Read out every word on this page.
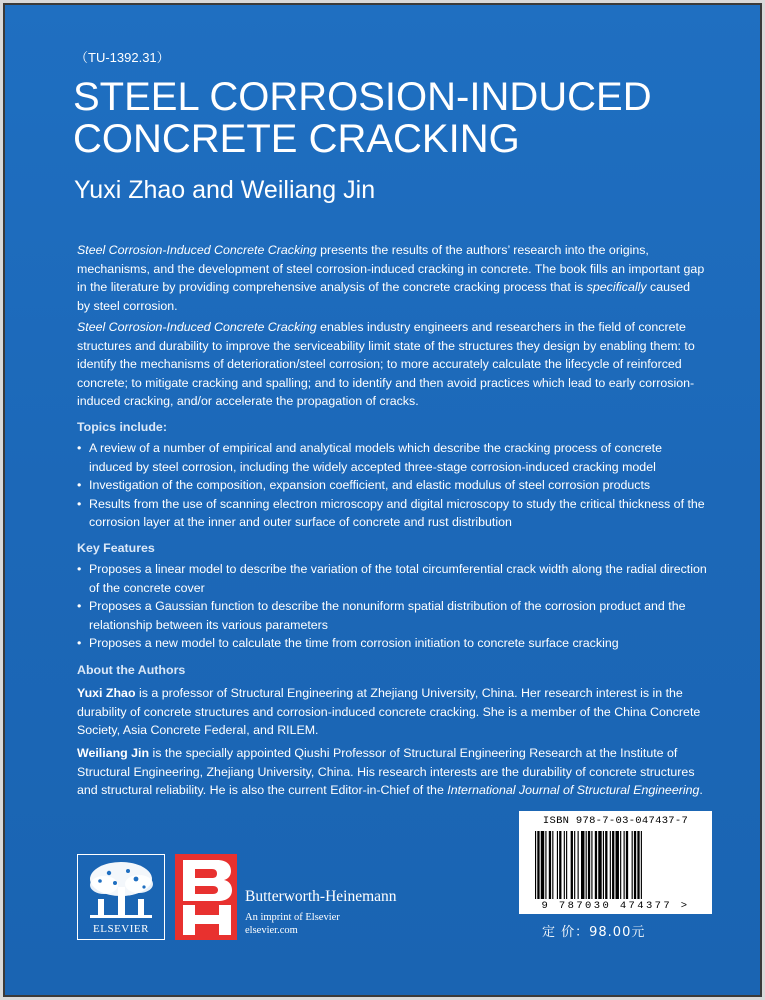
（TU-1392.31）
STEEL CORROSION-INDUCED
CONCRETE CRACKING
Yuxi Zhao and Weiliang Jin

Steel Corrosion-Induced Concrete Cracking presents the results of the authors’ research into the origins, mechanisms, and the development of steel corrosion-induced cracking in concrete. The book fills an important gap in the literature by providing comprehensive analysis of the concrete cracking process that is specifically caused by steel corrosion.

Steel Corrosion-Induced Concrete Cracking enables industry engineers and researchers in the field of concrete structures and durability to improve the serviceability limit state of the structures they design by enabling them: to identify the mechanisms of deterioration/steel corrosion; to more accurately calculate the lifecycle of reinforced concrete; to mitigate cracking and spalling; and to identify and then avoid practices which lead to early corrosion-induced cracking, and/or accelerate the propagation of cracks.

Topics include:
• A review of a number of empirical and analytical models which describe the cracking process of concrete induced by steel corrosion, including the widely accepted three-stage corrosion-induced cracking model
• Investigation of the composition, expansion coefficient, and elastic modulus of steel corrosion products
• Results from the use of scanning electron microscopy and digital microscopy to study the critical thickness of the corrosion layer at the inner and outer surface of concrete and rust distribution
Key Features
• Proposes a linear model to describe the variation of the total circumferential crack width along the radial direction of the concrete cover
• Proposes a Gaussian function to describe the nonuniform spatial distribution of the corrosion product and the relationship between its various parameters
• Proposes a new model to calculate the time from corrosion initiation to concrete surface cracking
About the Authors

Yuxi Zhao is a professor of Structural Engineering at Zhejiang University, China. Her research interest is in the durability of concrete structures and corrosion-induced concrete cracking. She is a member of the China Concrete Society, Asia Concrete Federal, and RILEM.

Weiliang Jin is the specially appointed Qiushi Professor of Structural Engineering Research at the Institute of Structural Engineering, Zhejiang University, China. His research interests are the durability of concrete structures and structural reliability. He is also the current Editor-in-Chief of the International Journal of Structural Engineering.

ELSEVIER
Butterworth-Heinemann
An imprint of Elsevier
elsevier.com
ISBN 978-7-03-047437-7
9 787030 474377 >
定 价：98.00元
